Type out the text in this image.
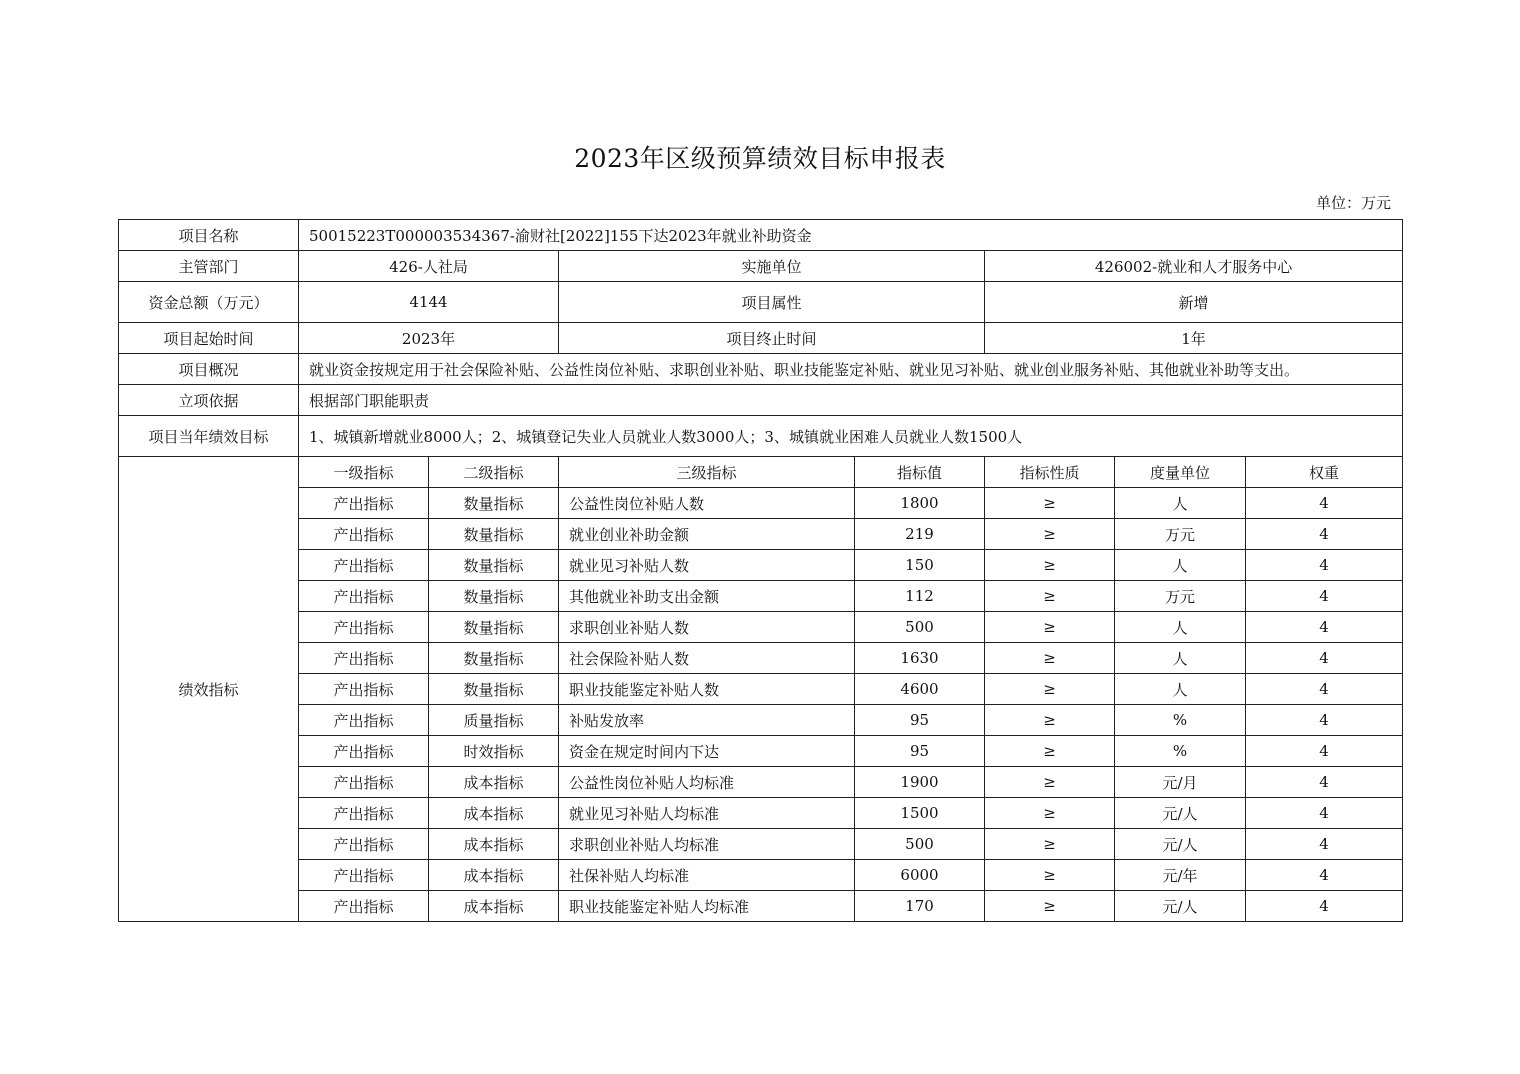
2023年区级预算绩效目标申报表
单位：万元
项目名称	50015223T000003534367-渝财社[2022]155下达2023年就业补助资金						
主管部门	426-人社局		实施单位		426002-就业和人才服务中心		
资金总额（万元）	4144		项目属性		新增		
项目起始时间	2023年		项目终止时间		1年		
项目概况	就业资金按规定用于社会保险补贴、公益性岗位补贴、求职创业补贴、职业技能鉴定补贴、就业见习补贴、就业创业服务补贴、其他就业补助等支出。						
立项依据	根据部门职能职责						
项目当年绩效目标	1、城镇新增就业8000人；2、城镇登记失业人员就业人数3000人；3、城镇就业困难人员就业人数1500人						
绩效指标	一级指标	二级指标	三级指标	指标值	指标性质	度量单位	权重
	产出指标	数量指标	公益性岗位补贴人数	1800	≥	人	4
	产出指标	数量指标	就业创业补助金额	219	≥	万元	4
	产出指标	数量指标	就业见习补贴人数	150	≥	人	4
	产出指标	数量指标	其他就业补助支出金额	112	≥	万元	4
	产出指标	数量指标	求职创业补贴人数	500	≥	人	4
	产出指标	数量指标	社会保险补贴人数	1630	≥	人	4
	产出指标	数量指标	职业技能鉴定补贴人数	4600	≥	人	4
	产出指标	质量指标	补贴发放率	95	≥	%	4
	产出指标	时效指标	资金在规定时间内下达	95	≥	%	4
	产出指标	成本指标	公益性岗位补贴人均标准	1900	≥	元/月	4
	产出指标	成本指标	就业见习补贴人均标准	1500	≥	元/人	4
	产出指标	成本指标	求职创业补贴人均标准	500	≥	元/人	4
	产出指标	成本指标	社保补贴人均标准	6000	≥	元/年	4
	产出指标	成本指标	职业技能鉴定补贴人均标准	170	≥	元/人	4
